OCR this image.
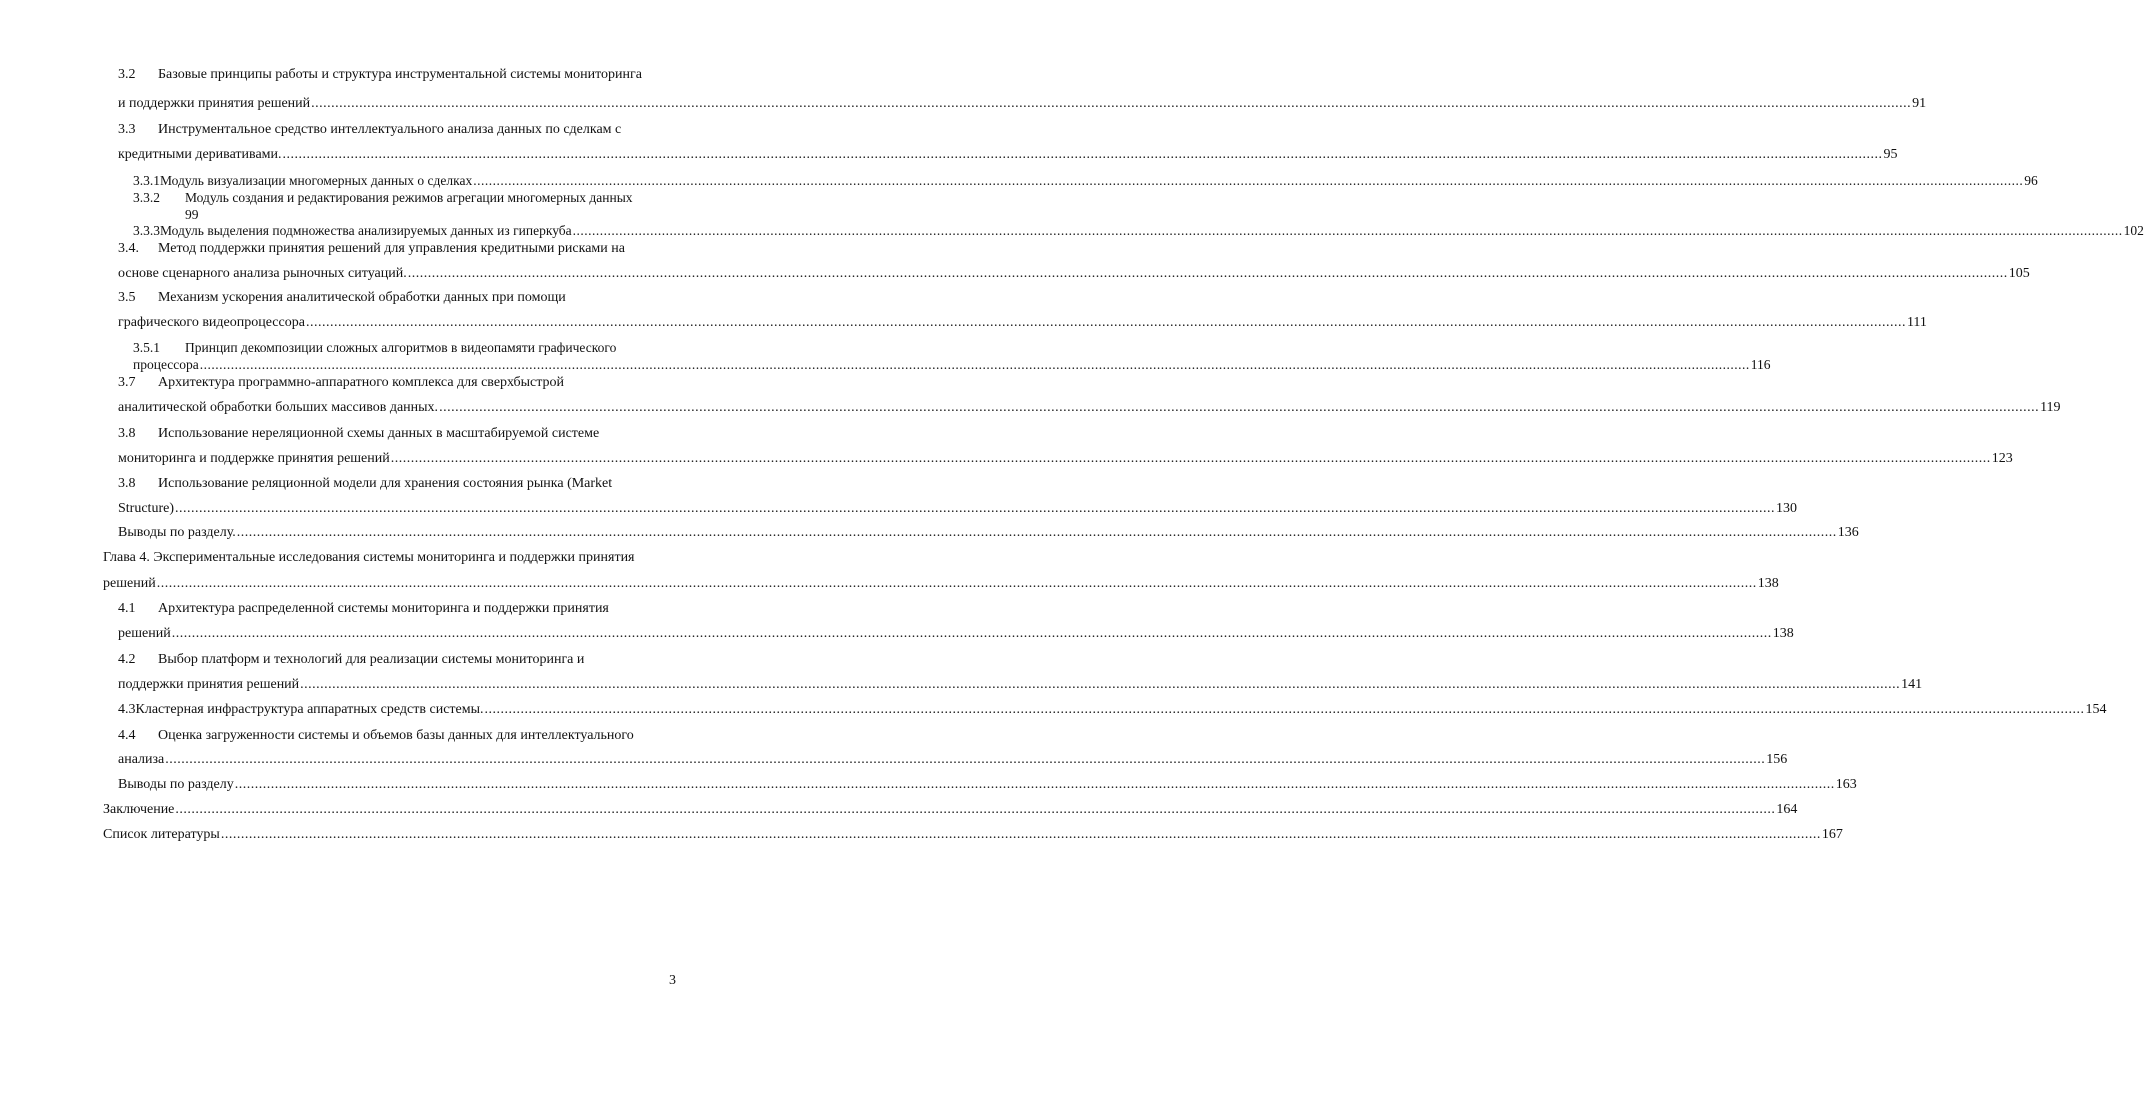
3.2 Базовые принципы работы и структура инструментальной системы мониторинга
и поддержки принятия решений ................................................................................................................................................................................................................................................................................................................................................................................................................ 91
3.3 Инструментальное средство интеллектуального анализа данных по сделкам с
кредитными деривативами. ................................................................................................................................................................................................................................................................................................................................................................................................................ 95
3.3.1 Модуль визуализации многомерных данных о сделках ................................................................................................................................................................................................................................................................................................................................................................................................................ 96
3.3.2 Модуль создания и редактирования режимов агрегации многомерных данных
99
3.3.3 Модуль выделения подмножества анализируемых данных из гиперкуба ................................................................................................................................................................................................................................................................................................................................................................................................................ 102
3.4. Метод поддержки принятия решений для управления кредитными рисками на
основе сценарного анализа рыночных ситуаций. ................................................................................................................................................................................................................................................................................................................................................................................................................ 105
3.5 Механизм ускорения аналитической обработки данных при помощи
графического видеопроцессора ................................................................................................................................................................................................................................................................................................................................................................................................................ 111
3.5.1 Принцип декомпозиции сложных алгоритмов в видеопамяти графического
процессора ................................................................................................................................................................................................................................................................................................................................................................................................................ 116
3.7 Архитектура программно-аппаратного комплекса для сверхбыстрой
аналитической обработки больших массивов данных. ................................................................................................................................................................................................................................................................................................................................................................................................................ 119
3.8 Использование нереляционной схемы данных в масштабируемой системе
мониторинга и поддержке принятия решений ................................................................................................................................................................................................................................................................................................................................................................................................................ 123
3.8 Использование реляционной модели для хранения состояния рынка (Market
Structure) ................................................................................................................................................................................................................................................................................................................................................................................................................ 130
Выводы по разделу. ................................................................................................................................................................................................................................................................................................................................................................................................................ 136
Глава 4. Экспериментальные исследования системы мониторинга и поддержки принятия
решений ................................................................................................................................................................................................................................................................................................................................................................................................................ 138
4.1 Архитектура распределенной системы мониторинга и поддержки принятия
решений ................................................................................................................................................................................................................................................................................................................................................................................................................ 138
4.2 Выбор платформ и технологий для реализации системы мониторинга и
поддержки принятия решений ................................................................................................................................................................................................................................................................................................................................................................................................................ 141
4.3 Кластерная инфраструктура аппаратных средств системы. ................................................................................................................................................................................................................................................................................................................................................................................................................ 154
4.4 Оценка загруженности системы и объемов базы данных для интеллектуального
анализа ................................................................................................................................................................................................................................................................................................................................................................................................................ 156
Выводы по разделу ................................................................................................................................................................................................................................................................................................................................................................................................................ 163
Заключение ................................................................................................................................................................................................................................................................................................................................................................................................................ 164
Список литературы ................................................................................................................................................................................................................................................................................................................................................................................................................ 167
3
